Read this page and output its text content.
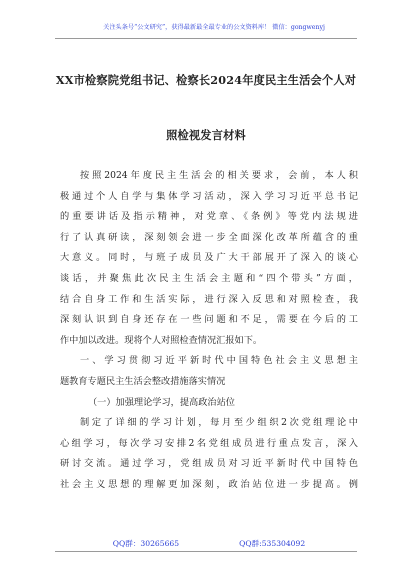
关注头条号“公文研究”，获得最新最全最专业的公文资料库！ 微信：gongwenyj
XX市检察院党组书记、检察长2024年度民主生活会个人对
照检视发言材料
按照2024年度民主生活会的相关要求，会前，本人积
极通过个人自学与集体学习活动，深入学习习近平总书记
的重要讲话及指示精神，对党章、《条例》等党内法规进
行了认真研读，深刻领会进一步全面深化改革所蕴含的重
大意义。同时，与班子成员及广大干部展开了深入的谈心
谈话，并聚焦此次民主生活会主题和“四个带头”方面，
结合自身工作和生活实际，进行深入反思和对照检查，我
深刻认识到自身还存在一些问题和不足，需要在今后的工
作中加以改进。现将个人对照检查情况汇报如下。
一、学习贯彻习近平新时代中国特色社会主义思想主
题教育专题民主生活会整改措施落实情况
（一）加强理论学习，提高政治站位
制定了详细的学习计划，每月至少组织2次党组理论中
心组学习，每次学习安排2名党组成员进行重点发言，深入
研讨交流。通过学习，党组成员对习近平新时代中国特色
社会主义思想的理解更加深刻，政治站位进一步提高。例
QQ群：30265665	QQ群:535304092
